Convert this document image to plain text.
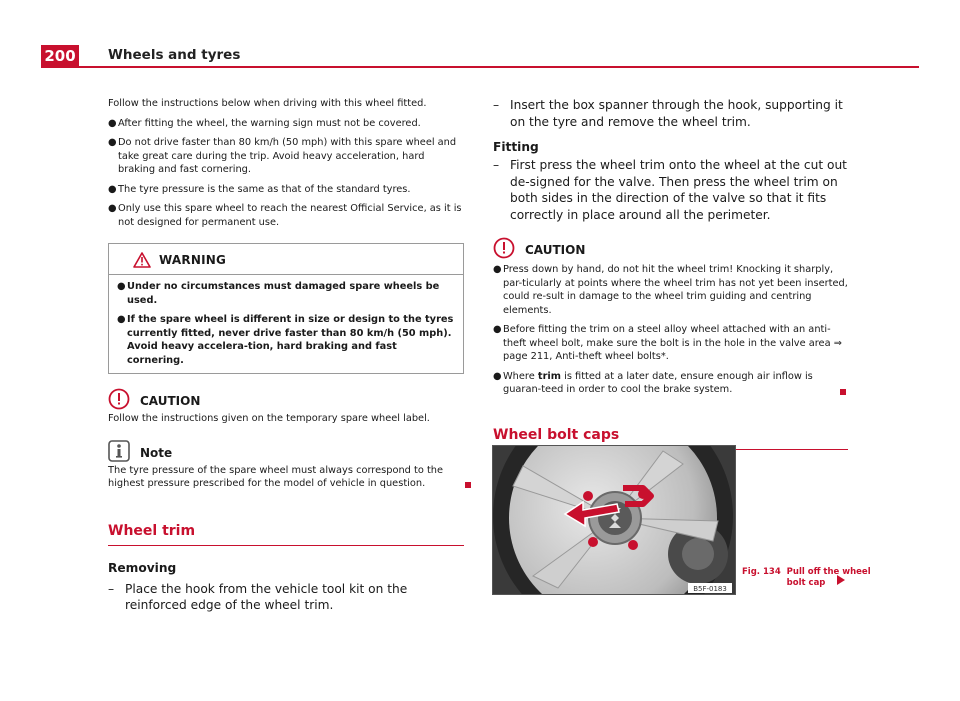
200 Wheels and tyres

Follow the instructions below when driving with this wheel fitted.

● After fitting the wheel, the warning sign must not be covered.
● Do not drive faster than 80 km/h (50 mph) with this spare wheel and take great care during the trip. Avoid heavy acceleration, hard braking and fast cornering.
● The tyre pressure is the same as that of the standard tyres.
● Only use this spare wheel to reach the nearest Official Service, as it is not designed for permanent use.
WARNING
● Under no circumstances must damaged spare wheels be used.
● If the spare wheel is different in size or design to the tyres currently fitted, never drive faster than 80 km/h (50 mph). Avoid heavy accelera-tion, hard braking and fast cornering.
CAUTION

Follow the instructions given on the temporary spare wheel label.

Note
The tyre pressure of the spare wheel must always correspond to the highest pressure prescribed for the model of vehicle in question.
Wheel trim

Removing

– Place the hook from the vehicle tool kit on the reinforced edge of the wheel trim.
– Insert the box spanner through the hook, supporting it on the tyre and remove the wheel trim.

Fitting

– First press the wheel trim onto the wheel at the cut out de-signed for the valve. Then press the wheel trim on both sides in the direction of the valve so that it fits correctly in place around all the perimeter.
CAUTION
● Press down by hand, do not hit the wheel trim! Knocking it sharply, par-ticularly at points where the wheel trim has not yet been inserted, could re-sult in damage to the wheel trim guiding and centring elements.
● Before fitting the trim on a steel alloy wheel attached with an anti-theft wheel bolt, make sure the bolt is in the hole in the valve area ⇒ page 211, Anti-theft wheel bolts*.
● Where trim is fitted at a later date, ensure enough air inflow is guaran-teed in order to cool the brake system.
Wheel bolt caps
B5F-0183
Fig. 134 Pull off the wheel bolt cap
